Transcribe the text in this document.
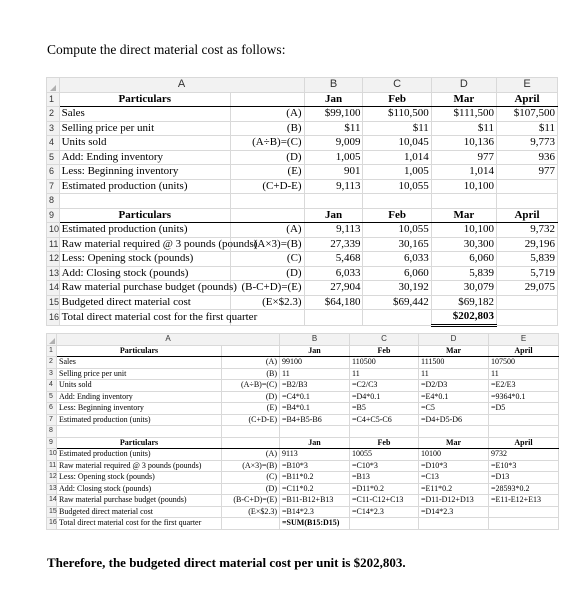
Compute the direct material cost as follows:
	A		B	C	D	E
1	Particulars		Jan	Feb	Mar	April
2	Sales	(A)	$99,100	$110,500	$111,500	$107,500
3	Selling price per unit	(B)	$11	$11	$11	$11
4	Units sold	(A÷B)=(C)	9,009	10,045	10,136	9,773
5	Add: Ending inventory	(D)	1,005	1,014	977	936
6	Less: Beginning inventory	(E)	901	1,005	1,014	977
7	Estimated production (units)	(C+D-E)	9,113	10,055	10,100	
8						
9	Particulars		Jan	Feb	Mar	April
10	Estimated production (units)	(A)	9,113	10,055	10,100	9,732
11	Raw material required @ 3 pounds (pounds)	(A×3)=(B)	27,339	30,165	30,300	29,196
12	Less: Opening stock (pounds)	(C)	5,468	6,033	6,060	5,839
13	Add: Closing stock (pounds)	(D)	6,033	6,060	5,839	5,719
14	Raw material purchase budget (pounds)	(B-C+D)=(E)	27,904	30,192	30,079	29,075
15	Budgeted direct material cost	(E×$2.3)	$64,180	$69,442	$69,182	
16	Total direct material cost for the first quarter				$202,803	
	A		B	C	D	E
1	Particulars		Jan	Feb	Mar	April
2	Sales	(A)	99100	110500	111500	107500
3	Selling price per unit	(B)	11	11	11	11
4	Units sold	(A÷B)=(C)	=B2/B3	=C2/C3	=D2/D3	=E2/E3
5	Add: Ending inventory	(D)	=C4*0.1	=D4*0.1	=E4*0.1	=9364*0.1
6	Less: Beginning inventory	(E)	=B4*0.1	=B5	=C5	=D5
7	Estimated production (units)	(C+D-E)	=B4+B5-B6	=C4+C5-C6	=D4+D5-D6	
8						
9	Particulars		Jan	Feb	Mar	April
10	Estimated production (units)	(A)	9113	10055	10100	9732
11	Raw material required @ 3 pounds (pounds)	(A×3)=(B)	=B10*3	=C10*3	=D10*3	=E10*3
12	Less: Opening stock (pounds)	(C)	=B11*0.2	=B13	=C13	=D13
13	Add: Closing stock (pounds)	(D)	=C11*0.2	=D11*0.2	=E11*0.2	=28593*0.2
14	Raw material purchase budget (pounds)	(B-C+D)=(E)	=B11-B12+B13	=C11-C12+C13	=D11-D12+D13	=E11-E12+E13
15	Budgeted direct material cost	(E×$2.3)	=B14*2.3	=C14*2.3	=D14*2.3	
16	Total direct material cost for the first quarter		=SUM(B15:D15)			
Therefore, the budgeted direct material cost per unit is $202,803.
